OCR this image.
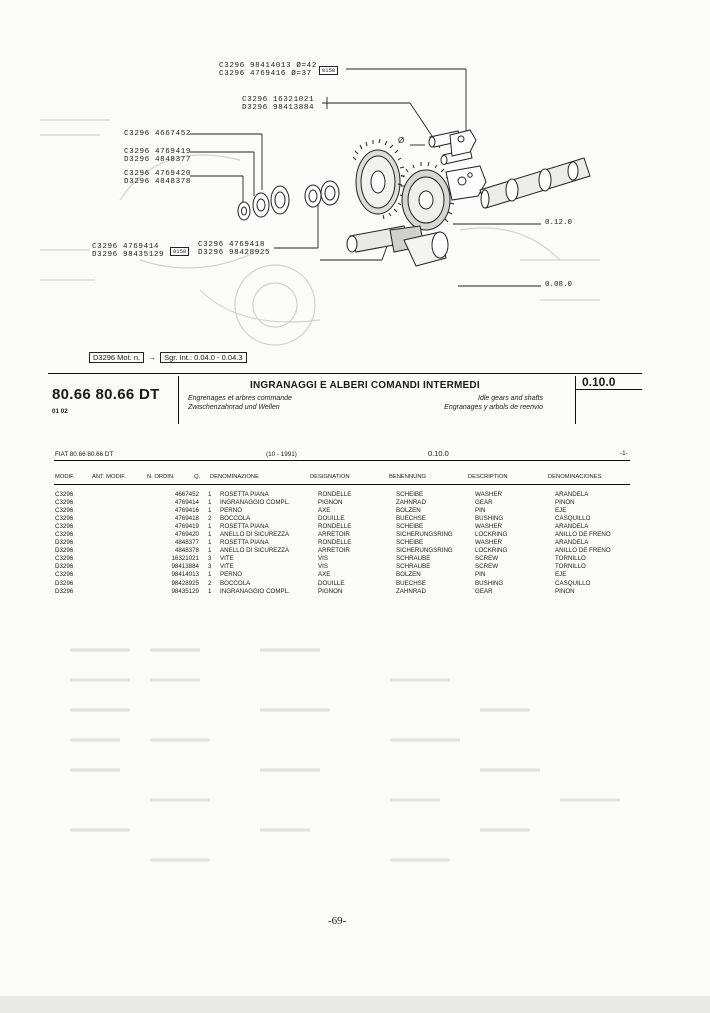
C3296 98414013 Ø=42
C3296 4769416 Ø=37	0158
C3296 16321021
D3296 98413884
C3296 4667452
C3296 4769419
D3296 4848377
C3296 4769420
D3296 4848378
C3296 4769414
D3296 98435129	0158
C3296 4769418
D3296 98428925
Ø
0.12.0
0.08.0
D3296 Mot. n.	→	Sgr. Int.: 0.04.0 - 0.04.3
80.66 80.66 DT
01 02
INGRANAGGI E ALBERI COMANDI INTERMEDI
Engrenages et arbres commande
Zwischenzahnrad und Wellen
Idle gears and shafts
Engranages y arbols de reenvio
0.10.0
FIAT 80.66 80.66 DT	(10 - 1991)	0.10.0	-1-
MODIF.	ANT. MODIF.	N. ORDIN.	Q. DENOMINAZIONE	DESIGNATION	BENENNUNG	DESCRIPTION	DENOMINACIONES
C3296	4667452	1	ROSETTA PIANA	RONDELLE	SCHEIBE	WASHER	ARANDELA
C3296	4769414	1	INGRANAGGIO COMPL.	PIGNON	ZAHNRAD	GEAR	PINON
C3296	4769416	1	PERNO	AXE	BOLZEN	PIN	EJE
C3296	4769418	2	BOCCOLA	DOUILLE	BUECHSE	BUSHING	CASQUILLO
C3296	4769419	1	ROSETTA PIANA	RONDELLE	SCHEIBE	WASHER	ARANDELA
C3296	4769420	1	ANELLO DI SICUREZZA	ARRETOIR	SICHERUNGSRING	LOCKRING	ANILLO DE FRENO
D3296	4848377	1	ROSETTA PIANA	RONDELLE	SCHEIBE	WASHER	ARANDELA
D3296	4848378	1	ANELLO DI SICUREZZA	ARRETOIR	SICHERUNGSRING	LOCKRING	ANILLO DE FRENO
C3296	16321021	3	VITE	VIS	SCHRAUBE	SCREW	TORNILLO
D3296	98413884	3	VITE	VIS	SCHRAUBE	SCREW	TORNILLO
C3296	98414013	1	PERNO	AXE	BOLZEN	PIN	EJE
D3296	98428925	2	BOCCOLA	DOUILLE	BUECHSE	BUSHING	CASQUILLO
D3296	98435129	1	INGRANAGGIO COMPL.	PIGNON	ZAHNRAD	GEAR	PINON
-69-
